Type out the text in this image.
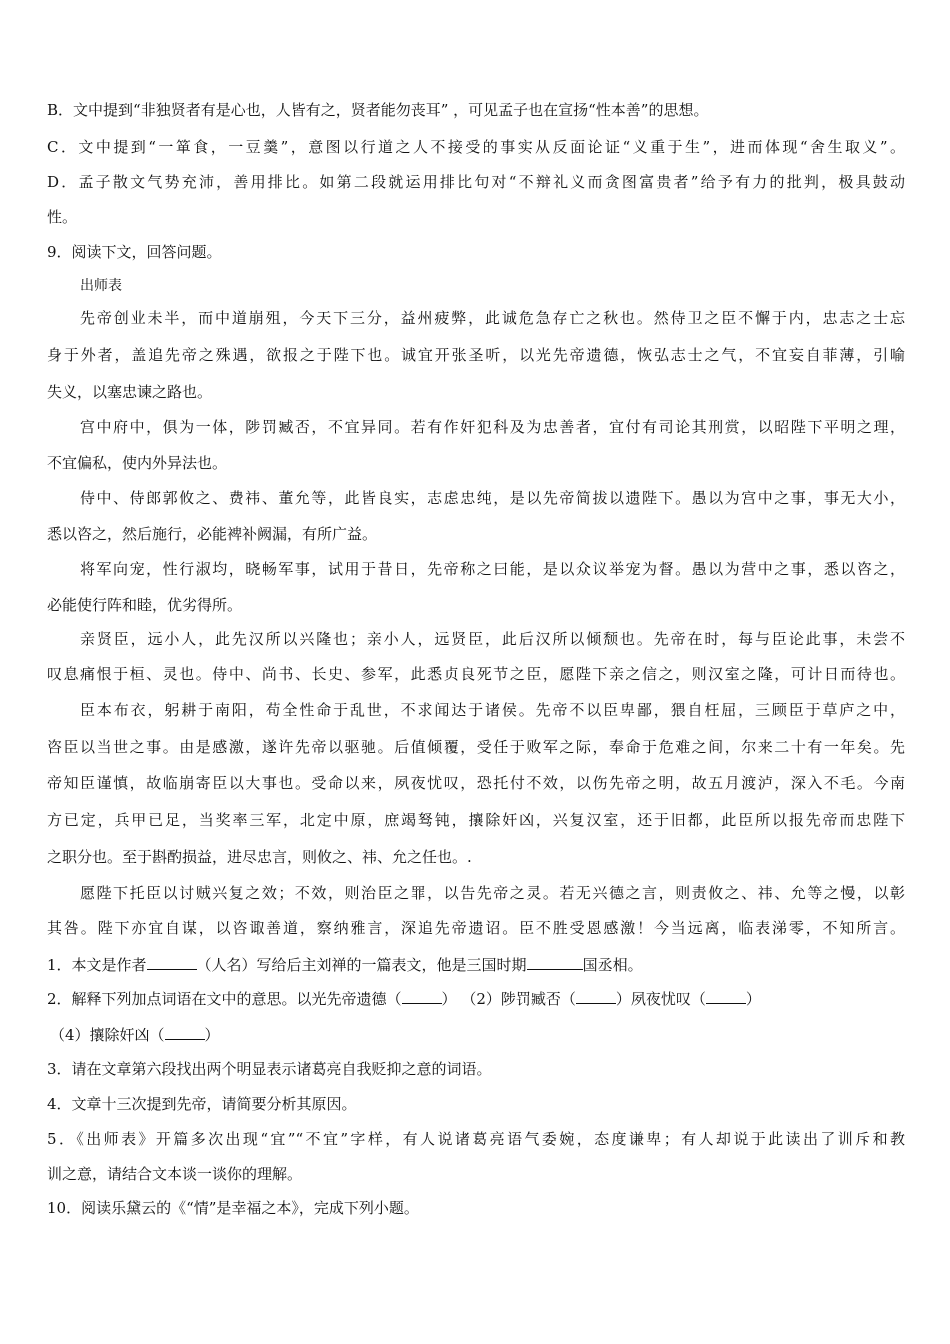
B．文中提到“非独贤者有是心也，人皆有之，贤者能勿丧耳” ，可见孟子也在宣扬“性本善”的思想。
C．文中提到“一箪食，一豆羹”，意图以行道之人不接受的事实从反面论证“义重于生”，进而体现“舍生取义”。
D．孟子散文气势充沛，善用排比。如第二段就运用排比句对“不辩礼义而贪图富贵者”给予有力的批判，极具鼓动
性。
9．阅读下文，回答问题。
出师表
先帝创业未半，而中道崩殂，今天下三分，益州疲弊，此诚危急存亡之秋也。然侍卫之臣不懈于内，忠志之士忘
身于外者，盖追先帝之殊遇，欲报之于陛下也。诚宜开张圣听，以光先帝遗德，恢弘志士之气，不宜妄自菲薄，引喻
失义，以塞忠谏之路也。
宫中府中，俱为一体，陟罚臧否，不宜异同。若有作奸犯科及为忠善者，宜付有司论其刑赏，以昭陛下平明之理，
不宜偏私，使内外异法也。
侍中、侍郎郭攸之、费祎、董允等，此皆良实，志虑忠纯，是以先帝简拔以遗陛下。愚以为宫中之事，事无大小，
悉以咨之，然后施行，必能裨补阙漏，有所广益。
将军向宠，性行淑均，晓畅军事，试用于昔日，先帝称之曰能，是以众议举宠为督。愚以为营中之事，悉以咨之，
必能使行阵和睦，优劣得所。
亲贤臣，远小人，此先汉所以兴隆也；亲小人，远贤臣，此后汉所以倾颓也。先帝在时，每与臣论此事，未尝不
叹息痛恨于桓、灵也。侍中、尚书、长史、参军，此悉贞良死节之臣，愿陛下亲之信之，则汉室之隆，可计日而待也。
臣本布衣，躬耕于南阳，苟全性命于乱世，不求闻达于诸侯。先帝不以臣卑鄙，猥自枉屈，三顾臣于草庐之中，
咨臣以当世之事。由是感激，遂许先帝以驱驰。后值倾覆，受任于败军之际，奉命于危难之间，尔来二十有一年矣。先
帝知臣谨慎，故临崩寄臣以大事也。受命以来，夙夜忧叹，恐托付不效，以伤先帝之明，故五月渡泸，深入不毛。今南
方已定，兵甲已足，当奖率三军，北定中原，庶竭驽钝，攘除奸凶，兴复汉室，还于旧都，此臣所以报先帝而忠陛下
之职分也。至于斟酌损益，进尽忠言，则攸之、祎、允之任也。.
愿陛下托臣以讨贼兴复之效；不效，则治臣之罪，以告先帝之灵。若无兴德之言，则责攸之、祎、允等之慢，以彰
其咎。陛下亦宜自谋，以咨诹善道，察纳雅言，深追先帝遗诏。臣不胜受恩感激！今当远离，临表涕零，不知所言。
1．本文是作者	（人名）写给后主刘禅的一篇表文，他是三国时期	国丞相。
2．解释下列加点词语在文中的意思。以光先帝遗德（	） （2）陟罚臧否（	）夙夜忧叹（	）
（4）攘除奸凶（	）
3．请在文章第六段找出两个明显表示诸葛亮自我贬抑之意的词语。
4．文章十三次提到先帝，请简要分析其原因。
5．《出师表》开篇多次出现“宜”“不宜”字样，有人说诸葛亮语气委婉，态度谦卑；有人却说于此读出了训斥和教
训之意，请结合文本谈一谈你的理解。
10．阅读乐黛云的《“情”是幸福之本》，完成下列小题。
